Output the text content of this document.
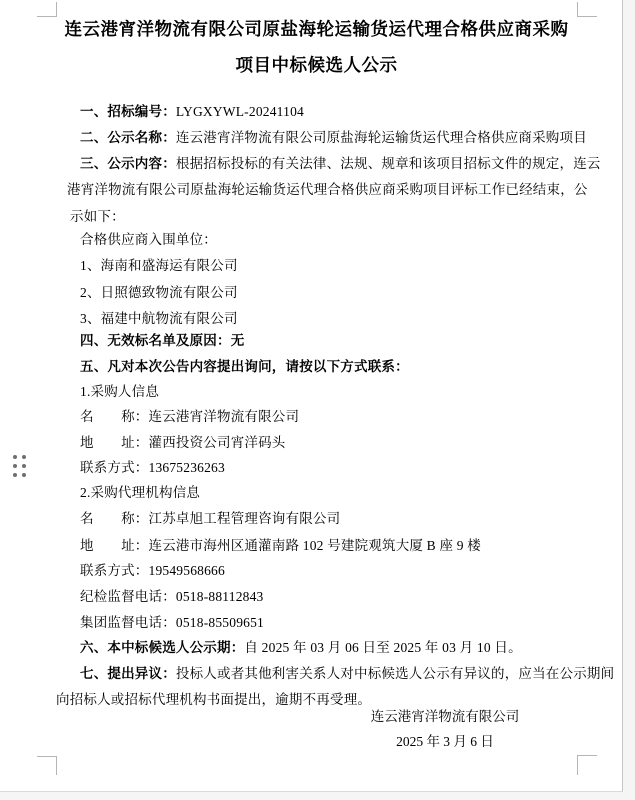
连云港宵洋物流有限公司原盐海轮运输货运代理合格供应商采购
项目中标候选人公示
一、招标编号：LYGXYWL-20241104
二、公示名称：连云港宵洋物流有限公司原盐海轮运输货运代理合格供应商采购项目
三、公示内容：根据招标投标的有关法律、法规、规章和该项目招标文件的规定，连云
港宵洋物流有限公司原盐海轮运输货运代理合格供应商采购项目评标工作已经结束，公
示如下：
合格供应商入围单位：
1、海南和盛海运有限公司
2、日照德致物流有限公司
3、福建中航物流有限公司
四、无效标名单及原因：无
五、凡对本次公告内容提出询问，请按以下方式联系：
1.采购人信息
名　　称：连云港宵洋物流有限公司
地　　址：灌西投资公司宵洋码头
联系方式：13675236263
2.采购代理机构信息
名　　称：江苏卓旭工程管理咨询有限公司
地　　址：连云港市海州区通灌南路 102 号建院观筑大厦 B 座 9 楼
联系方式：19549568666
纪检监督电话：0518-88112843
集团监督电话：0518-85509651
六、本中标候选人公示期：自 2025 年 03 月 06 日至 2025 年 03 月 10 日。
七、提出异议：投标人或者其他利害关系人对中标候选人公示有异议的，应当在公示期间
向招标人或招标代理机构书面提出，逾期不再受理。
连云港宵洋物流有限公司
2025 年 3 月 6 日
